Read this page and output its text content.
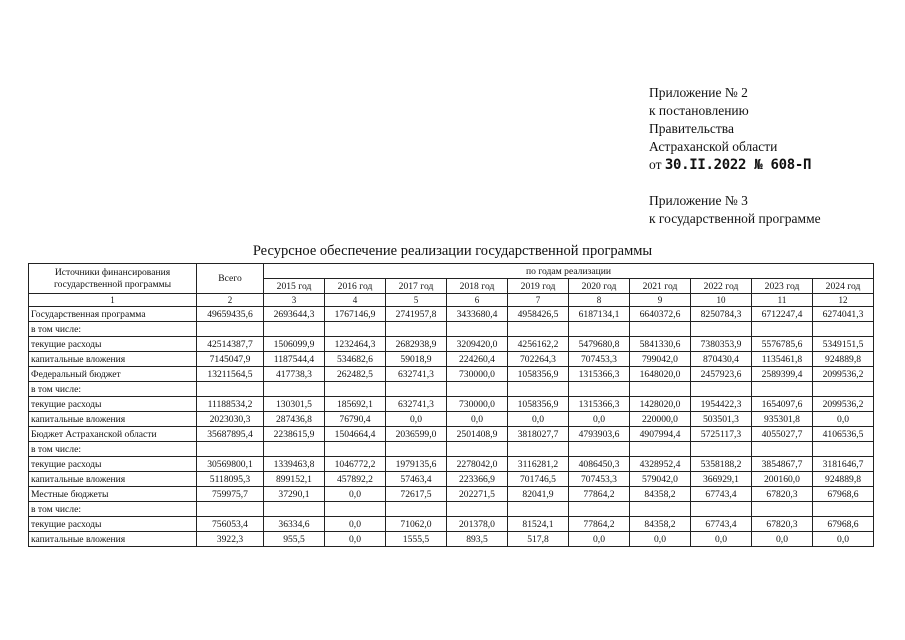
Приложение № 2
к постановлению
Правительства
Астраханской области
от 30.II.2022 № 608-П
Приложение № 3
к государственной программе
Ресурсное обеспечение реализации государственной программы
Источники финансирования государственной программы	Всего	по годам реализации									
		2015 год	2016 год	2017 год	2018 год	2019 год	2020 год	2021 год	2022 год	2023 год	2024 год
1	2	3	4	5	6	7	8	9	10	11	12
Государственная программа	49659435,6	2693644,3	1767146,9	2741957,8	3433680,4	4958426,5	6187134,1	6640372,6	8250784,3	6712247,4	6274041,3
в том числе:											
текущие расходы	42514387,7	1506099,9	1232464,3	2682938,9	3209420,0	4256162,2	5479680,8	5841330,6	7380353,9	5576785,6	5349151,5
капитальные вложения	7145047,9	1187544,4	534682,6	59018,9	224260,4	702264,3	707453,3	799042,0	870430,4	1135461,8	924889,8
Федеральный бюджет	13211564,5	417738,3	262482,5	632741,3	730000,0	1058356,9	1315366,3	1648020,0	2457923,6	2589399,4	2099536,2
в том числе:											
текущие расходы	11188534,2	130301,5	185692,1	632741,3	730000,0	1058356,9	1315366,3	1428020,0	1954422,3	1654097,6	2099536,2
капитальные вложения	2023030,3	287436,8	76790,4	0,0	0,0	0,0	0,0	220000,0	503501,3	935301,8	0,0
Бюджет Астраханской области	35687895,4	2238615,9	1504664,4	2036599,0	2501408,9	3818027,7	4793903,6	4907994,4	5725117,3	4055027,7	4106536,5
в том числе:											
текущие расходы	30569800,1	1339463,8	1046772,2	1979135,6	2278042,0	3116281,2	4086450,3	4328952,4	5358188,2	3854867,7	3181646,7
капитальные вложения	5118095,3	899152,1	457892,2	57463,4	223366,9	701746,5	707453,3	579042,0	366929,1	200160,0	924889,8
Местные бюджеты	759975,7	37290,1	0,0	72617,5	202271,5	82041,9	77864,2	84358,2	67743,4	67820,3	67968,6
в том числе:											
текущие расходы	756053,4	36334,6	0,0	71062,0	201378,0	81524,1	77864,2	84358,2	67743,4	67820,3	67968,6
капитальные вложения	3922,3	955,5	0,0	1555,5	893,5	517,8	0,0	0,0	0,0	0,0	0,0
